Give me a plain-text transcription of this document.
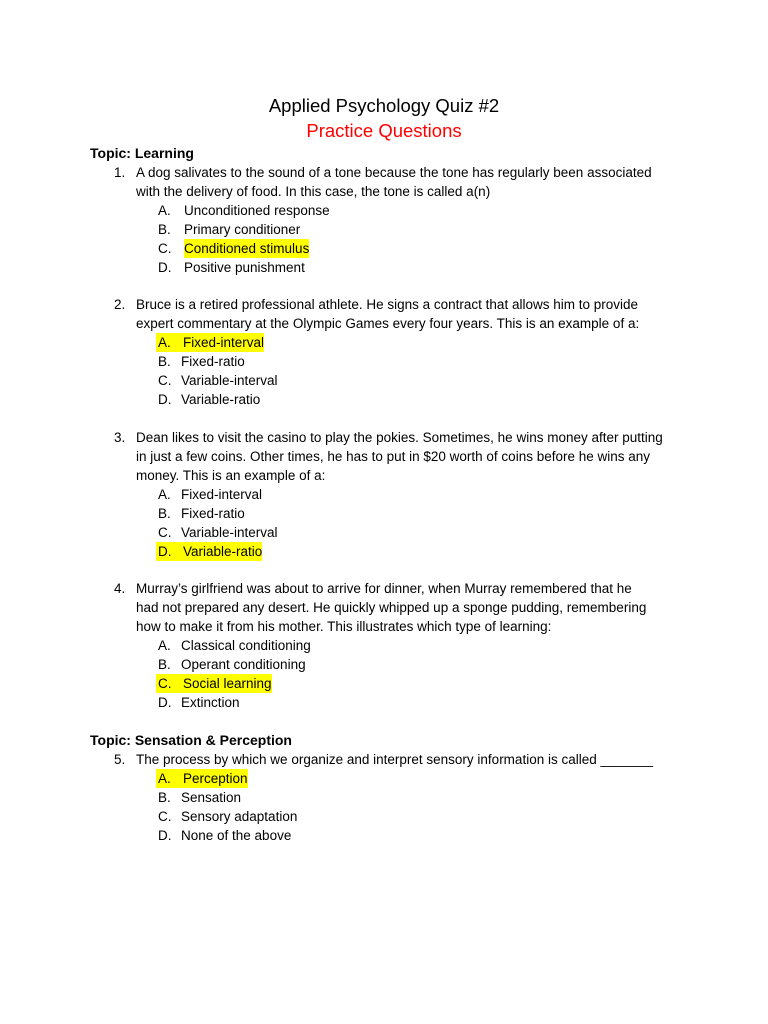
Applied Psychology Quiz #2
Practice Questions
Topic: Learning
1. A dog salivates to the sound of a tone because the tone has regularly been associated
with the delivery of food. In this case, the tone is called a(n)
A. Unconditioned response
B. Primary conditioner
C. Conditioned stimulus
D. Positive punishment
2. Bruce is a retired professional athlete. He signs a contract that allows him to provide
expert commentary at the Olympic Games every four years. This is an example of a:
A. Fixed-interval
B. Fixed-ratio
C. Variable-interval
D. Variable-ratio
3. Dean likes to visit the casino to play the pokies. Sometimes, he wins money after putting
in just a few coins. Other times, he has to put in $20 worth of coins before he wins any
money. This is an example of a:
A. Fixed-interval
B. Fixed-ratio
C. Variable-interval
D. Variable-ratio
4. Murray’s girlfriend was about to arrive for dinner, when Murray remembered that he
had not prepared any desert. He quickly whipped up a sponge pudding, remembering
how to make it from his mother. This illustrates which type of learning:
A. Classical conditioning
B. Operant conditioning
C. Social learning
D. Extinction
Topic: Sensation & Perception
5. The process by which we organize and interpret sensory information is called _______
A. Perception
B. Sensation
C. Sensory adaptation
D. None of the above
